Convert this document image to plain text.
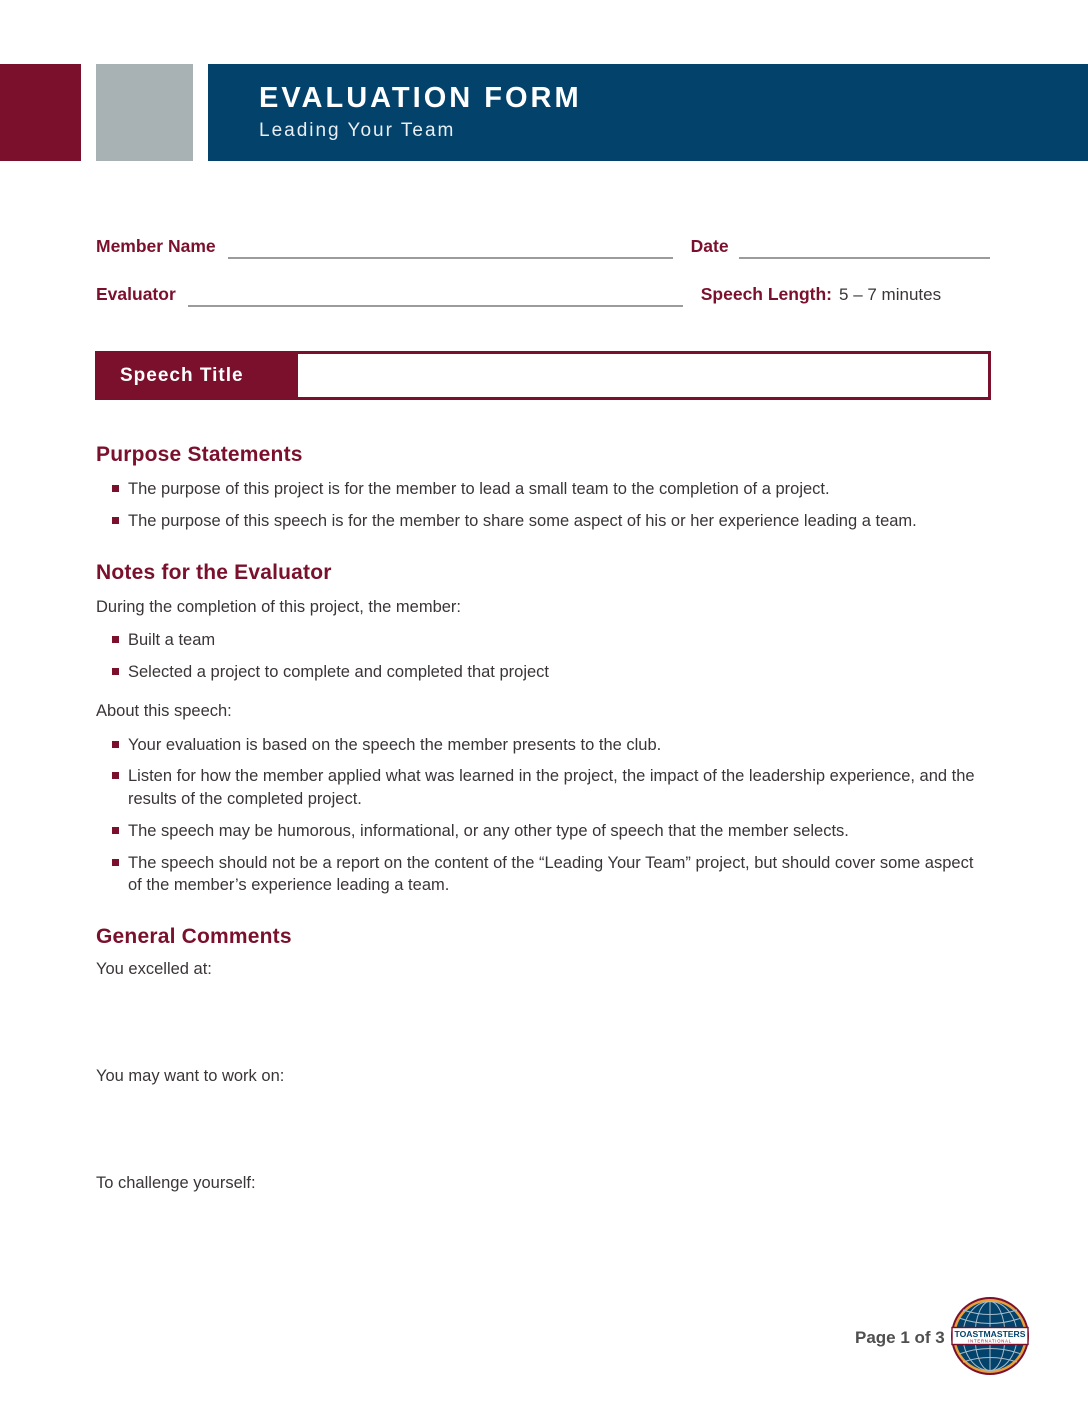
EVALUATION FORM
Leading Your Team
Member Name	Date
Evaluator	Speech Length: 5 – 7 minutes
Speech Title
Purpose Statements
The purpose of this project is for the member to lead a small team to the completion of a project.
The purpose of this speech is for the member to share some aspect of his or her experience leading a team.
Notes for the Evaluator

During the completion of this project, the member:

Built a team
Selected a project to complete and completed that project

About this speech:

Your evaluation is based on the speech the member presents to the club.
Listen for how the member applied what was learned in the project, the impact of the leadership experience, and the results of the completed project.
The speech may be humorous, informational, or any other type of speech that the member selects.
The speech should not be a report on the content of the “Leading Your Team” project, but should cover some aspect of the member’s experience leading a team.
General Comments

You excelled at:

You may want to work on:

To challenge yourself:

Page 1 of 3 TOASTMASTERS
INTERNATIONAL
